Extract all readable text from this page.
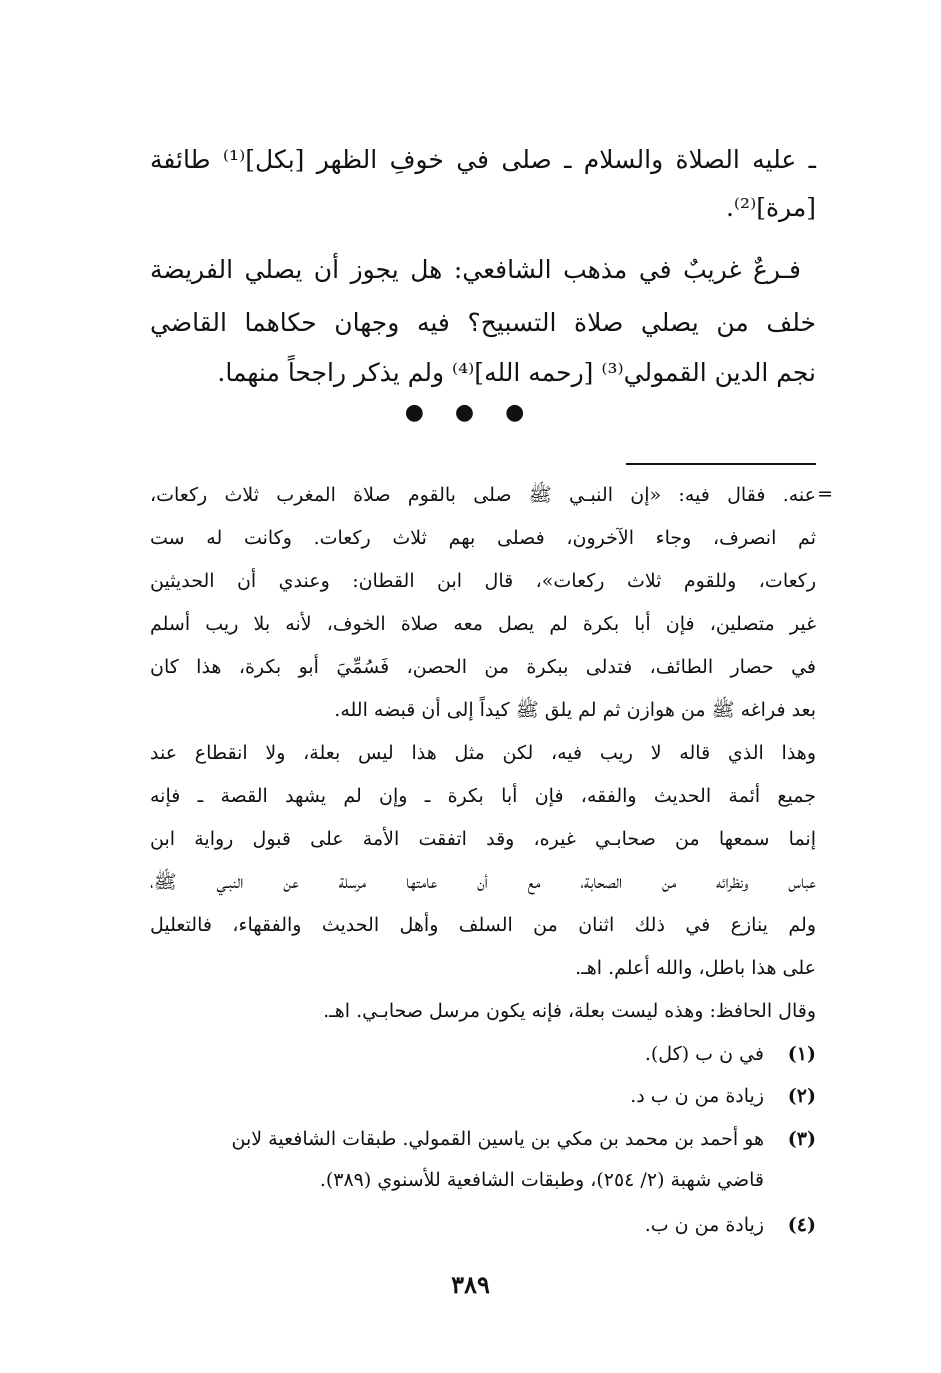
ـ عليه الصلاة والسلام ـ صلى في خوفِ الظهر [بكل]⁽¹⁾ طائفة
[مرة]⁽²⁾.
فـرعٌ غريبٌ في مذهب الشافعي: هل يجوز أن يصلي الفريضة
خلف من يصلي صلاة التسبيح؟ فيه وجهان حكاهما القاضي
نجم الدين القمولي⁽³⁾ [رحمه الله]⁽⁴⁾ ولم يذكر راجحاً منهما.
● ● ●
=
عنه. فقال فيه: «إن النبـي ﷺ صلى بالقوم صلاة المغرب ثلاث ركعات،
ثم انصرف، وجاء الآخرون، فصلى بهم ثلاث ركعات. وكانت له ست
ركعات، وللقوم ثلاث ركعات»، قال ابن القطان: وعندي أن الحديثين
غير متصلين، فإن أبا بكرة لم يصل معه صلاة الخوف، لأنه بلا ريب أسلم
في حصار الطائف، فتدلى ببكرة من الحصن، فَسُمِّيَ أبو بكرة، هذا كان
بعد فراغه ﷺ من هوازن ثم لم يلق ﷺ كيداً إلى أن قبضه الله.
وهذا الذي قاله لا ريب فيه، لكن مثل هذا ليس بعلة، ولا انقطاع عند
جميع أئمة الحديث والفقه، فإن أبا بكرة ـ وإن لم يشهد القصة ـ فإنه
إنما سمعها من صحابـي غيره، وقد اتفقت الأمة على قبول رواية ابن
عباس ونظرائه من الصحابة، مع أن عامتها مرسلة عن النبـي ﷺ،
ولم ينازع في ذلك اثنان من السلف وأهل الحديث والفقهاء، فالتعليل
على هذا باطل، والله أعلم. اهـ.
وقال الحافظ: وهذه ليست بعلة، فإنه يكون مرسل صحابـي. اهـ.
(١)في ن ب (كل).
(٢)زيادة من ن ب د.
(٣)هو أحمد بن محمد بن مكي بن ياسين القمولي. طبقات الشافعية لابن
قاضي شهبة (٢/ ٢٥٤)، وطبقات الشافعية للأسنوي (٣٨٩).
(٤)زيادة من ن ب.
٣٨٩
